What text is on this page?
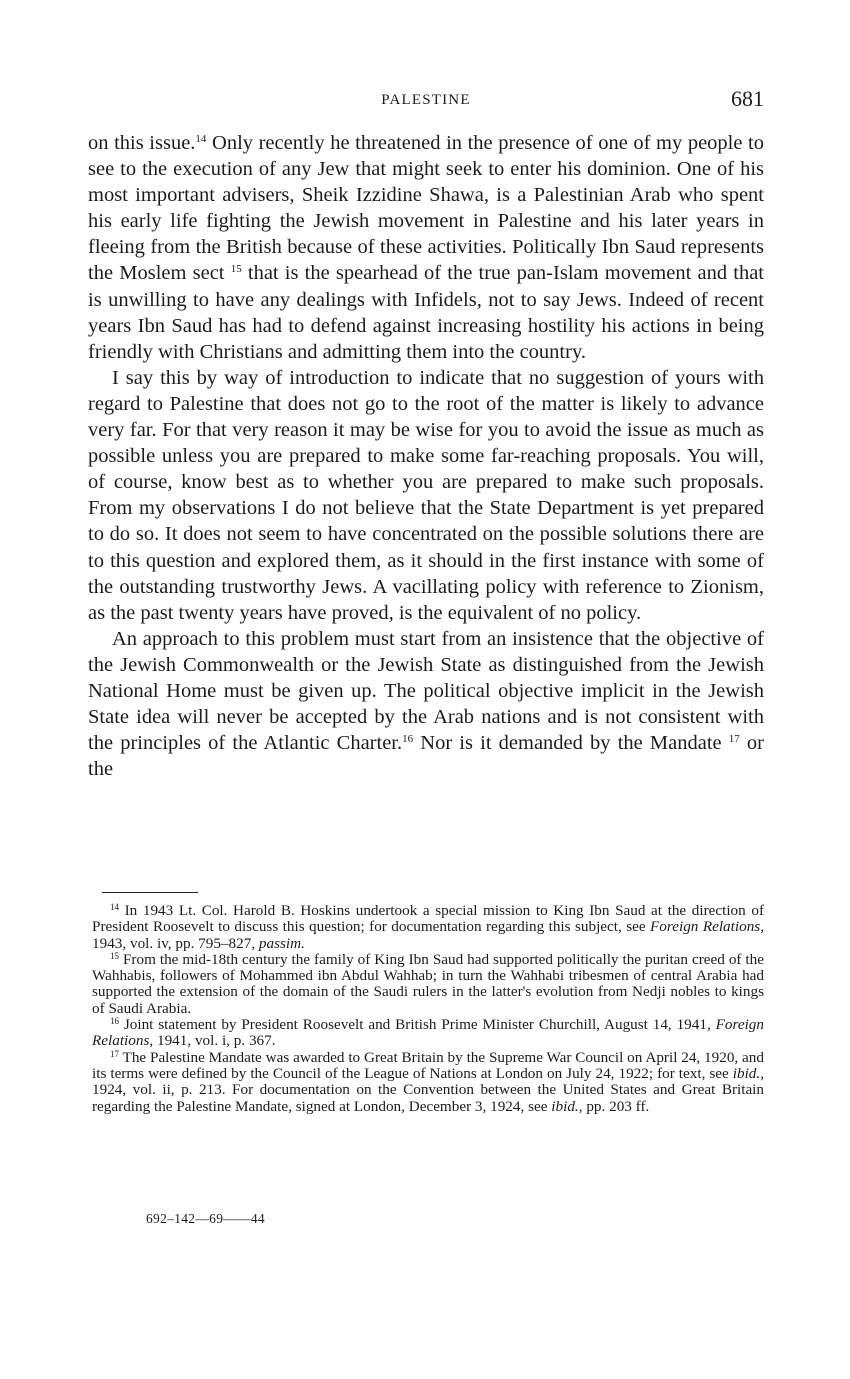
PALESTINE	681

on this issue.$^{14}$ Only recently he threatened in the presence of one of my people to see to the execution of any Jew that might seek to enter his dominion. One of his most important advisers, Sheik Izzidine Shawa, is a Palestinian Arab who spent his early life fighting the Jewish movement in Palestine and his later years in fleeing from the British because of these activities. Politically Ibn Saud represents the Moslem sect $^{15}$ that is the spearhead of the true pan-Islam movement and that is unwilling to have any dealings with Infidels, not to say Jews. Indeed of recent years Ibn Saud has had to defend against increasing hostility his actions in being friendly with Christians and admitting them into the country.

I say this by way of introduction to indicate that no suggestion of yours with regard to Palestine that does not go to the root of the matter is likely to advance very far. For that very reason it may be wise for you to avoid the issue as much as possible unless you are prepared to make some far-reaching proposals. You will, of course, know best as to whether you are prepared to make such proposals. From my observations I do not believe that the State Department is yet prepared to do so. It does not seem to have concentrated on the possible solutions there are to this question and explored them, as it should in the first instance with some of the outstanding trustworthy Jews. A vacillating policy with reference to Zionism, as the past twenty years have proved, is the equivalent of no policy.

An approach to this problem must start from an insistence that the objective of the Jewish Commonwealth or the Jewish State as distinguished from the Jewish National Home must be given up. The political objective implicit in the Jewish State idea will never be accepted by the Arab nations and is not consistent with the principles of the Atlantic Charter.$^{16}$ Nor is it demanded by the Mandate $^{17}$ or the

$^{14}$ In 1943 Lt. Col. Harold B. Hoskins undertook a special mission to King Ibn Saud at the direction of President Roosevelt to discuss this question; for documentation regarding this subject, see Foreign Relations, 1943, vol. iv, pp. 795–827, passim.

$^{15}$ From the mid-18th century the family of King Ibn Saud had supported politically the puritan creed of the Wahhabis, followers of Mohammed ibn Abdul Wahhab; in turn the Wahhabi tribesmen of central Arabia had supported the extension of the domain of the Saudi rulers in the latter's evolution from Nedji nobles to kings of Saudi Arabia.

$^{16}$ Joint statement by President Roosevelt and British Prime Minister Churchill, August 14, 1941, Foreign Relations, 1941, vol. i, p. 367.

$^{17}$ The Palestine Mandate was awarded to Great Britain by the Supreme War Council on April 24, 1920, and its terms were defined by the Council of the League of Nations at London on July 24, 1922; for text, see ibid., 1924, vol. ii, p. 213. For documentation on the Convention between the United States and Great Britain regarding the Palestine Mandate, signed at London, December 3, 1924, see ibid., pp. 203 ff.

692–142—69——44
